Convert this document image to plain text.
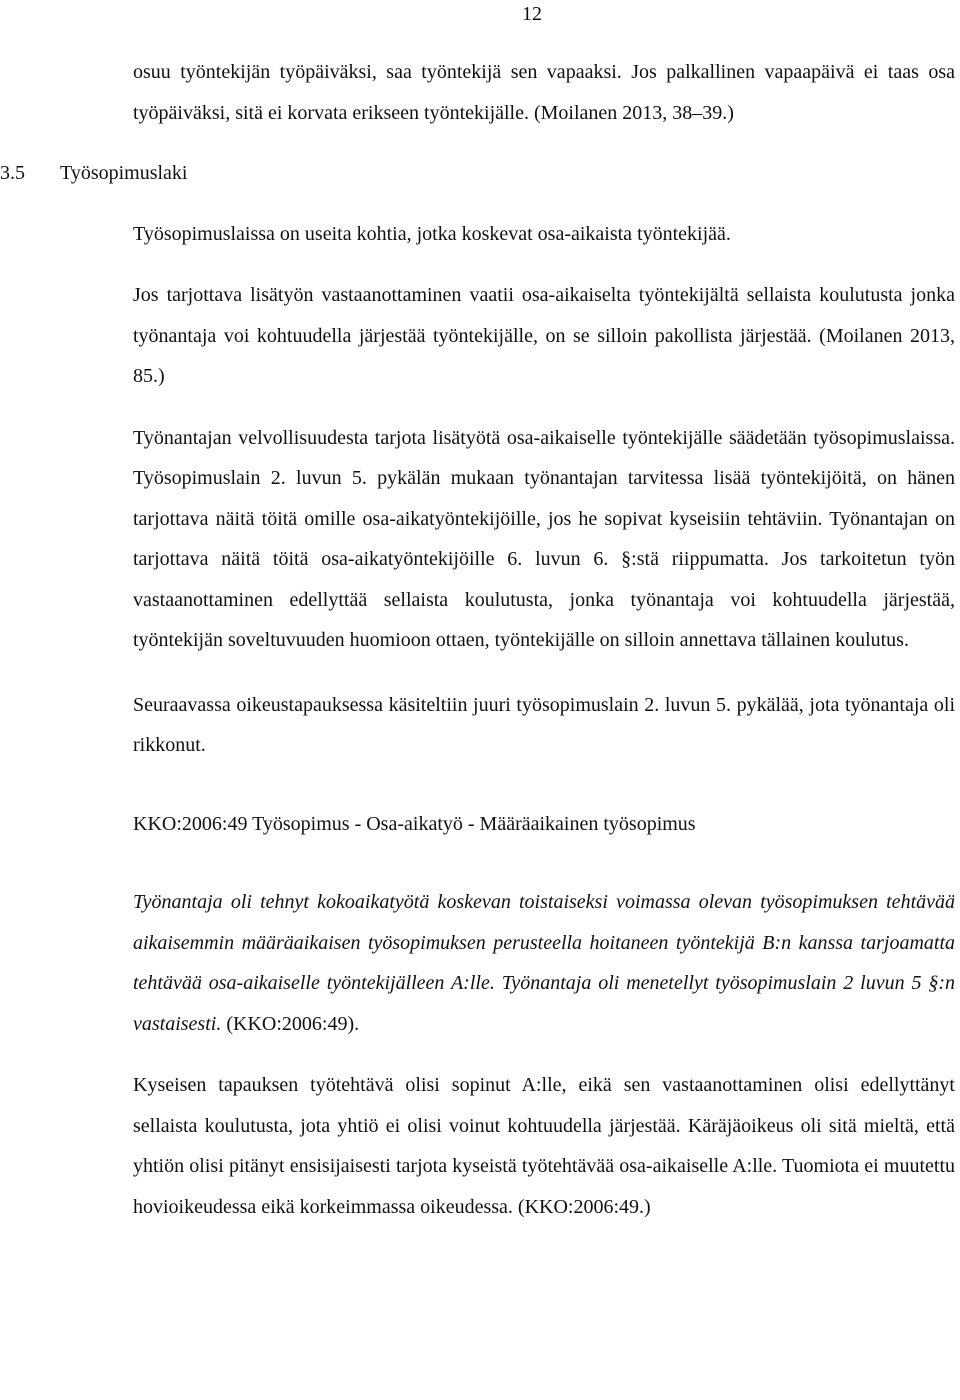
12

osuu työntekijän työpäiväksi, saa työntekijä sen vapaaksi. Jos palkallinen vapaapäivä ei taas osa työpäiväksi, sitä ei korvata erikseen työntekijälle. (Moilanen 2013, 38–39.)

3.5	Työsopimuslaki

Työsopimuslaissa on useita kohtia, jotka koskevat osa-aikaista työntekijää.

Jos tarjottava lisätyön vastaanottaminen vaatii osa-aikaiselta työntekijältä sellaista koulutusta jonka työnantaja voi kohtuudella järjestää työntekijälle, on se silloin pakollista järjestää. (Moilanen 2013, 85.)

Työnantajan velvollisuudesta tarjota lisätyötä osa-aikaiselle työntekijälle säädetään työsopimuslaissa. Työsopimuslain 2. luvun 5. pykälän mukaan työnantajan tarvitessa lisää työntekijöitä, on hänen tarjottava näitä töitä omille osa-aikatyöntekijöille, jos he sopivat kyseisiin tehtäviin. Työnantajan on tarjottava näitä töitä osa-aikatyöntekijöille 6. luvun 6. §:stä riippumatta. Jos tarkoitetun työn vastaanottaminen edellyttää sellaista koulutusta, jonka työnantaja voi kohtuudella järjestää, työntekijän soveltuvuuden huomioon ottaen, työntekijälle on silloin annettava tällainen koulutus.

Seuraavassa oikeustapauksessa käsiteltiin juuri työsopimuslain 2. luvun 5. pykälää, jota työnantaja oli rikkonut.

KKO:2006:49 Työsopimus - Osa-aikatyö - Määräaikainen työsopimus

Työnantaja oli tehnyt kokoaikatyötä koskevan toistaiseksi voimassa olevan työsopimuksen tehtävää aikaisemmin määräaikaisen työsopimuksen perusteella hoitaneen työntekijä B:n kanssa tarjoamatta tehtävää osa-aikaiselle työntekijälleen A:lle. Työnantaja oli menetellyt työsopimuslain 2 luvun 5 §:n vastaisesti. (KKO:2006:49).

Kyseisen tapauksen työtehtävä olisi sopinut A:lle, eikä sen vastaanottaminen olisi edellyttänyt sellaista koulutusta, jota yhtiö ei olisi voinut kohtuudella järjestää. Käräjäoikeus oli sitä mieltä, että yhtiön olisi pitänyt ensisijaisesti tarjota kyseistä työtehtävää osa-aikaiselle A:lle. Tuomiota ei muutettu hovioikeudessa eikä korkeimmassa oikeudessa. (KKO:2006:49.)
